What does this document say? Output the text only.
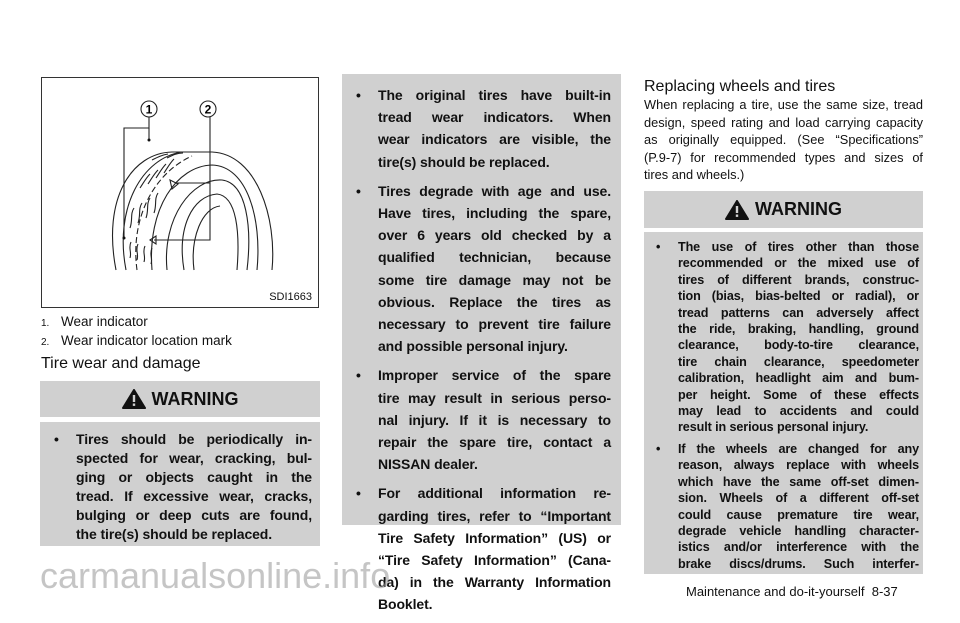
1	2
SDI1663
1. Wear indicator
2. Wear indicator location mark
Tire wear and damage
WARNING
• Tires should be periodically in-
spected for wear, cracking, bul-
ging or objects caught in the
tread. If excessive wear, cracks,
bulging or deep cuts are found,
the tire(s) should be replaced.
• The original tires have built-in
tread wear indicators. When
wear indicators are visible, the
tire(s) should be replaced.
• Tires degrade with age and use.
Have tires, including the spare,
over 6 years old checked by a
qualified technician, because
some tire damage may not be
obvious. Replace the tires as
necessary to prevent tire failure
and possible personal injury.
• Improper service of the spare
tire may result in serious perso-
nal injury. If it is necessary to
repair the spare tire, contact a
NISSAN dealer.
• For additional information re-
garding tires, refer to “Important
Tire Safety Information” (US) or
“Tire Safety Information” (Cana-
da) in the Warranty Information
Booklet.
Replacing wheels and tires
When replacing a tire, use the same size, tread
design, speed rating and load carrying capacity
as originally equipped. (See “Specifications”
(P.9-7) for recommended types and sizes of
tires and wheels.)
WARNING
• The use of tires other than those
recommended or the mixed use of
tires of different brands, construc-
tion (bias, bias-belted or radial), or
tread patterns can adversely affect
the ride, braking, handling, ground
clearance, body-to-tire clearance,
tire chain clearance, speedometer
calibration, headlight aim and bum-
per height. Some of these effects
may lead to accidents and could
result in serious personal injury.
• If the wheels are changed for any
reason, always replace with wheels
which have the same off-set dimen-
sion. Wheels of a different off-set
could cause premature tire wear,
degrade vehicle handling character-
istics and/or interference with the
brake discs/drums. Such interfer-
Maintenance and do-it-yourself 8-37
carmanualsonline.info
